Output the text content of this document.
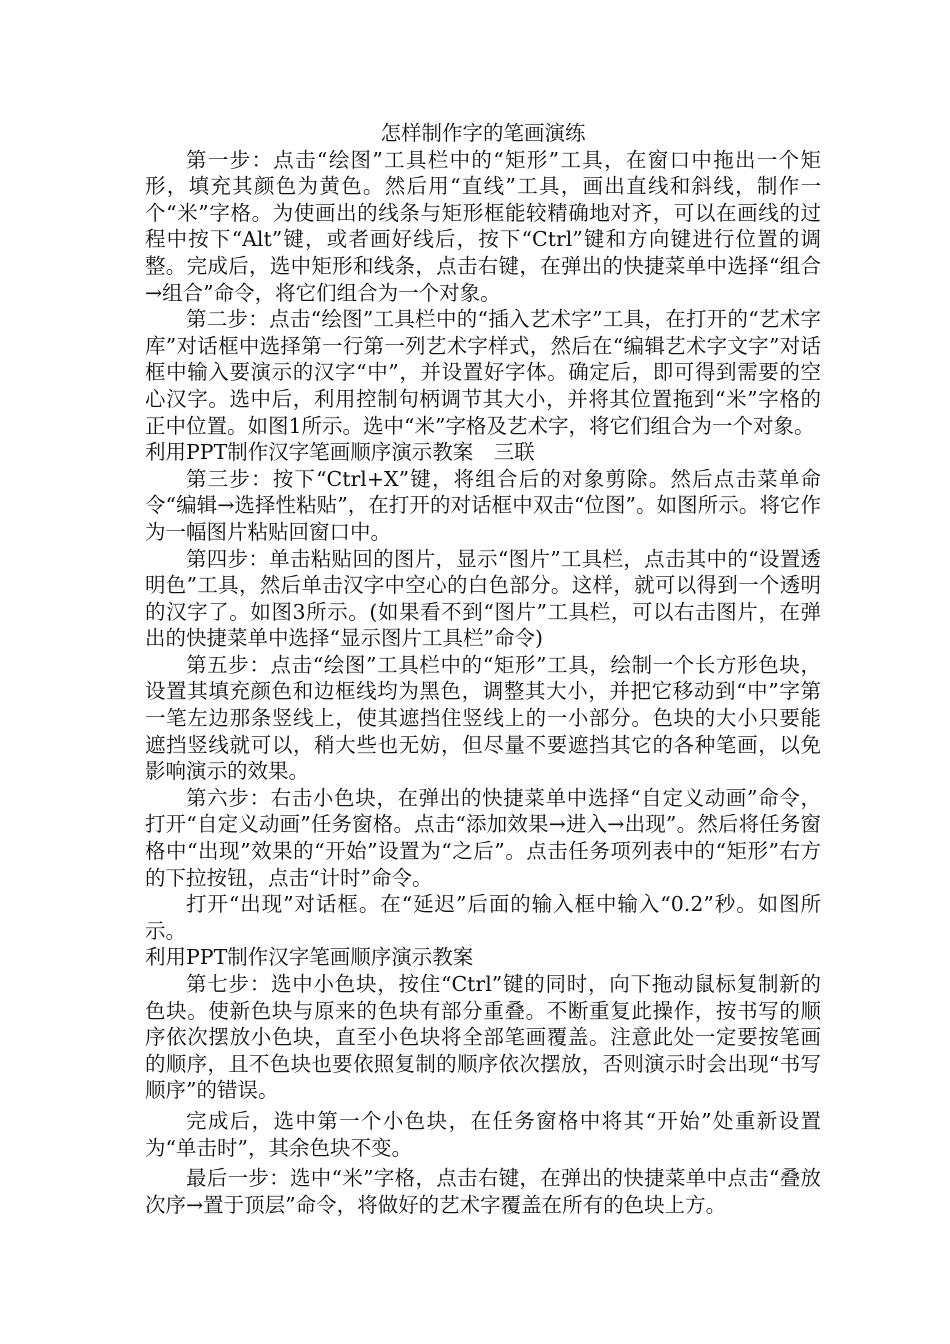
怎样制作字的笔画演练

第一步：点击“绘图”工具栏中的“矩形”工具，在窗口中拖出一个矩形，填充其颜色为黄色。然后用“直线”工具，画出直线和斜线，制作一个“米”字格。为使画出的线条与矩形框能较精确地对齐，可以在画线的过程中按下“Alt”键，或者画好线后，按下“Ctrl”键和方向键进行位置的调整。完成后，选中矩形和线条，点击右键，在弹出的快捷菜单中选择“组合→组合”命令，将它们组合为一个对象。

第二步：点击“绘图”工具栏中的“插入艺术字”工具，在打开的“艺术字库”对话框中选择第一行第一列艺术字样式，然后在“编辑艺术字文字”对话框中输入要演示的汉字“中”，并设置好字体。确定后，即可得到需要的空心汉字。选中后，利用控制句柄调节其大小，并将其位置拖到“米”字格的正中位置。如图1所示。选中“米”字格及艺术字，将它们组合为一个对象。

利用PPT制作汉字笔画顺序演示教案　三联

第三步：按下“Ctrl+X”键，将组合后的对象剪除。然后点击菜单命令“编辑→选择性粘贴”，在打开的对话框中双击“位图”。如图所示。将它作为一幅图片粘贴回窗口中。

第四步：单击粘贴回的图片，显示“图片”工具栏，点击其中的“设置透明色”工具，然后单击汉字中空心的白色部分。这样，就可以得到一个透明的汉字了。如图3所示。(如果看不到“图片”工具栏，可以右击图片，在弹出的快捷菜单中选择“显示图片工具栏”命令)

第五步：点击“绘图”工具栏中的“矩形”工具，绘制一个长方形色块，设置其填充颜色和边框线均为黑色，调整其大小，并把它移动到“中”字第一笔左边那条竖线上，使其遮挡住竖线上的一小部分。色块的大小只要能遮挡竖线就可以，稍大些也无妨，但尽量不要遮挡其它的各种笔画，以免影响演示的效果。

第六步：右击小色块，在弹出的快捷菜单中选择“自定义动画”命令，打开“自定义动画”任务窗格。点击“添加效果→进入→出现”。然后将任务窗格中“出现”效果的“开始”设置为“之后”。点击任务项列表中的“矩形”右方的下拉按钮，点击“计时”命令。

打开“出现”对话框。在“延迟”后面的输入框中输入“0.2”秒。如图所示。

利用PPT制作汉字笔画顺序演示教案

第七步：选中小色块，按住“Ctrl”键的同时，向下拖动鼠标复制新的色块。使新色块与原来的色块有部分重叠。不断重复此操作，按书写的顺序依次摆放小色块，直至小色块将全部笔画覆盖。注意此处一定要按笔画的顺序，且不色块也要依照复制的顺序依次摆放，否则演示时会出现“书写顺序”的错误。

完成后，选中第一个小色块，在任务窗格中将其“开始”处重新设置为“单击时”，其余色块不变。

最后一步：选中“米”字格，点击右键，在弹出的快捷菜单中点击“叠放次序→置于顶层”命令，将做好的艺术字覆盖在所有的色块上方。
